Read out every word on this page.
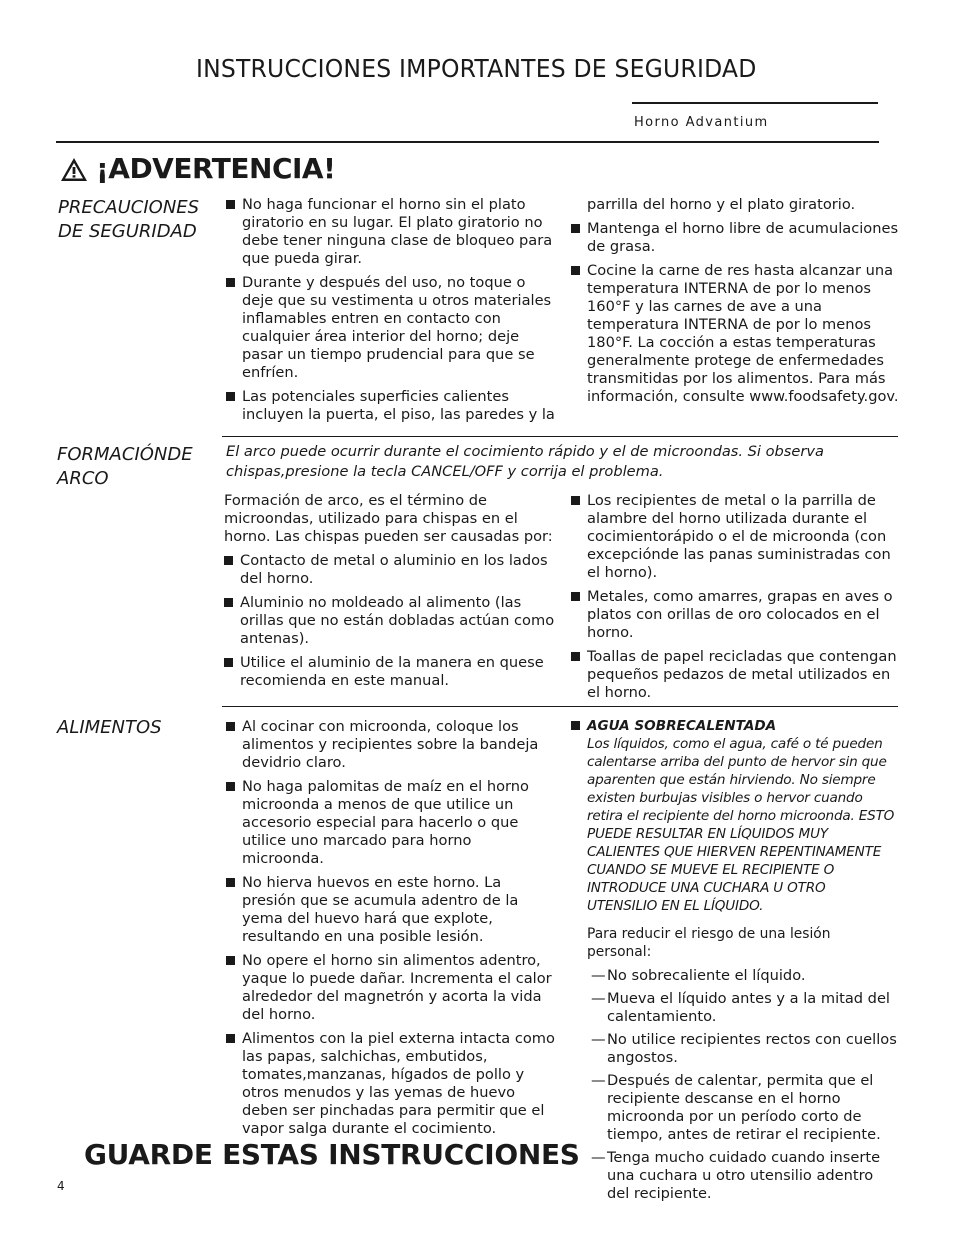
INSTRUCCIONES IMPORTANTES DE SEGURIDAD
Horno Advantium
¡ADVERTENCIA!
PRECAUCIONES DE SEGURIDAD
No haga funcionar el horno sin el plato giratorio en su lugar. El plato giratorio no debe tener ninguna clase de bloqueo para que pueda girar.
Durante y después del uso, no toque o deje que su vestimenta u otros materiales inflamables entren en contacto con cualquier área interior del horno; deje pasar un tiempo prudencial para que se enfríen.
Las potenciales superficies calientes incluyen la puerta, el piso, las paredes y la

parrilla del horno y el plato giratorio.

Mantenga el horno libre de acumulaciones de grasa.
Cocine la carne de res hasta alcanzar una temperatura INTERNA de por lo menos 160°F y las carnes de ave a una temperatura INTERNA de por lo menos 180°F. La cocción a estas temperaturas generalmente protege de enfermedades transmitidas por los alimentos. Para más información, consulte www.foodsafety.gov.
FORMACIÓNDE ARCO
El arco puede ocurrir durante el cocimiento rápido y el de microondas. Si observa chispas,presione la tecla CANCEL/OFF y corrija el problema.

Formación de arco, es el término de microondas, utilizado para chispas en el horno. Las chispas pueden ser causadas por:

Contacto de metal o aluminio en los lados del horno.
Aluminio no moldeado al alimento (las orillas que no están dobladas actúan como antenas).
Utilice el aluminio de la manera en quese recomienda en este manual.
Los recipientes de metal o la parrilla de alambre del horno utilizada durante el cocimientorápido o el de microonda (con excepciónde las panas suministradas con el horno).
Metales, como amarres, grapas en aves o platos con orillas de oro colocados en el horno.
Toallas de papel recicladas que contengan pequeños pedazos de metal utilizados en el horno.
ALIMENTOS	Al cocinar con microonda, coloque los alimentos y recipientes sobre la bandeja devidrio claro.
No haga palomitas de maíz en el horno microonda a menos de que utilice un accesorio especial para hacerlo o que utilice uno marcado para horno microonda.
No hierva huevos en este horno. La presión que se acumula adentro de la yema del huevo hará que explote, resultando en una posible lesión.
No opere el horno sin alimentos adentro, yaque lo puede dañar. Incrementa el calor alrededor del magnetrón y acorta la vida del horno.
Alimentos con la piel externa intacta como las papas, salchichas, embutidos, tomates,manzanas, hígados de pollo y otros menudos y las yemas de huevo deben ser pinchadas para permitir que el vapor salga durante el cocimiento.
AGUA SOBRECALENTADA

Los líquidos, como el agua, café o té pueden calentarse arriba del punto de hervor sin que aparenten que están hirviendo. No siempre existen burbujas visibles o hervor cuando retira el recipiente del horno microonda. ESTO PUEDE RESULTAR EN LÍQUIDOS MUY CALIENTES QUE HIERVEN REPENTINAMENTE CUANDO SE MUEVE EL RECIPIENTE O INTRODUCE UNA CUCHARA U OTRO UTENSILIO EN EL LÍQUIDO.

Para reducir el riesgo de una lesión personal:

— No sobrecaliente el líquido.
— Mueva el líquido antes y a la mitad del calentamiento.
— No utilice recipientes rectos con cuellos angostos.
— Después de calentar, permita que el recipiente descanse en el horno microonda por un período corto de tiempo, antes de retirar el recipiente.
— Tenga mucho cuidado cuando inserte una cuchara u otro utensilio adentro del recipiente.
GUARDE ESTAS INSTRUCCIONES
4
